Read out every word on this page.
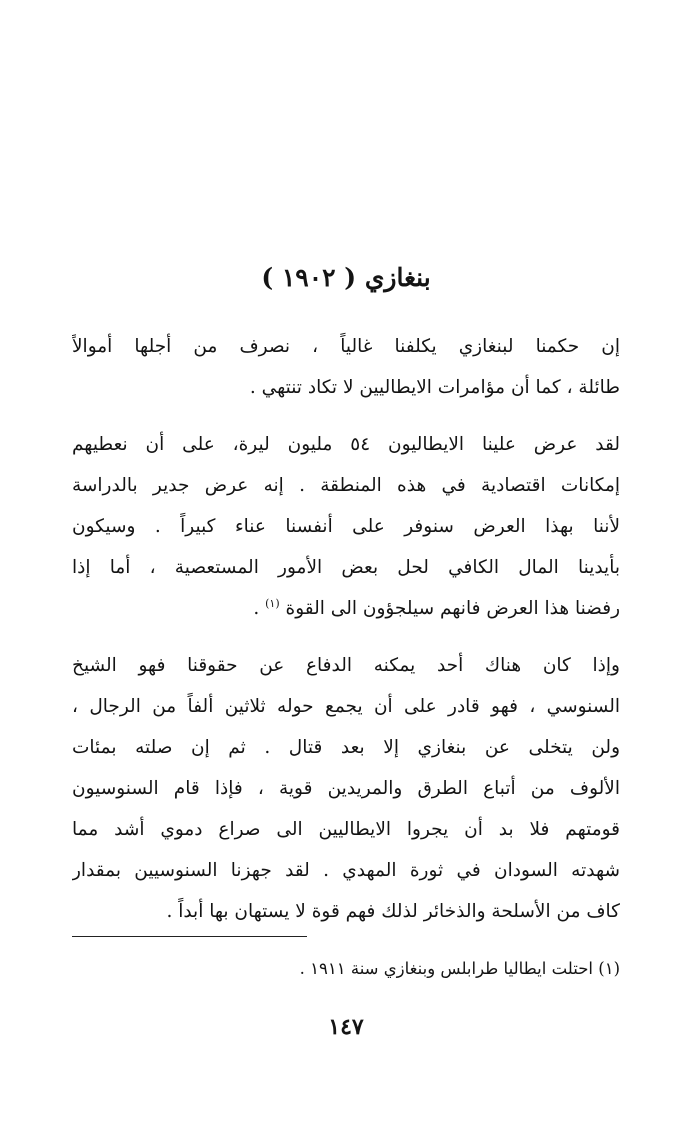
بنغازي ( ١٩٠٢ )

إن حكمنا لبنغازي يكلفنا غالياً ، نصرف من أجلها أموالاً
طائلة ، كما أن مؤامرات الايطاليين لا تكاد تنتهي .

لقد عرض علينا الايطاليون ٥٤ مليون ليرة، على أن نعطيهم
إمكانات اقتصادية في هذه المنطقة . إنه عرض جدير بالدراسة
لأننا بهذا العرض سنوفر على أنفسنا عناء كبيراً . وسيكون
بأيدينا المال الكافي لحل بعض الأمور المستعصية ، أما إذا
رفضنا هذا العرض فانهم سيلجؤون الى القوة $^{(١)}$ .

وإذا كان هناك أحد يمكنه الدفاع عن حقوقنا فهو الشيخ
السنوسي ، فهو قادر على أن يجمع حوله ثلاثين ألفاً من الرجال ،
ولن يتخلى عن بنغازي إلا بعد قتال . ثم إن صلته بمئات
الألوف من أتباع الطرق والمريدين قوية ، فإذا قام السنوسيون
قومتهم فلا بد أن يجروا الايطاليين الى صراع دموي أشد مما
شهدته السودان في ثورة المهدي . لقد جهزنا السنوسيين بمقدار
كاف من الأسلحة والذخائر لذلك فهم قوة لا يستهان بها أبداً .

(١) احتلت ايطاليا طرابلس وبنغازي سنة ١٩١١ .

١٤٧
